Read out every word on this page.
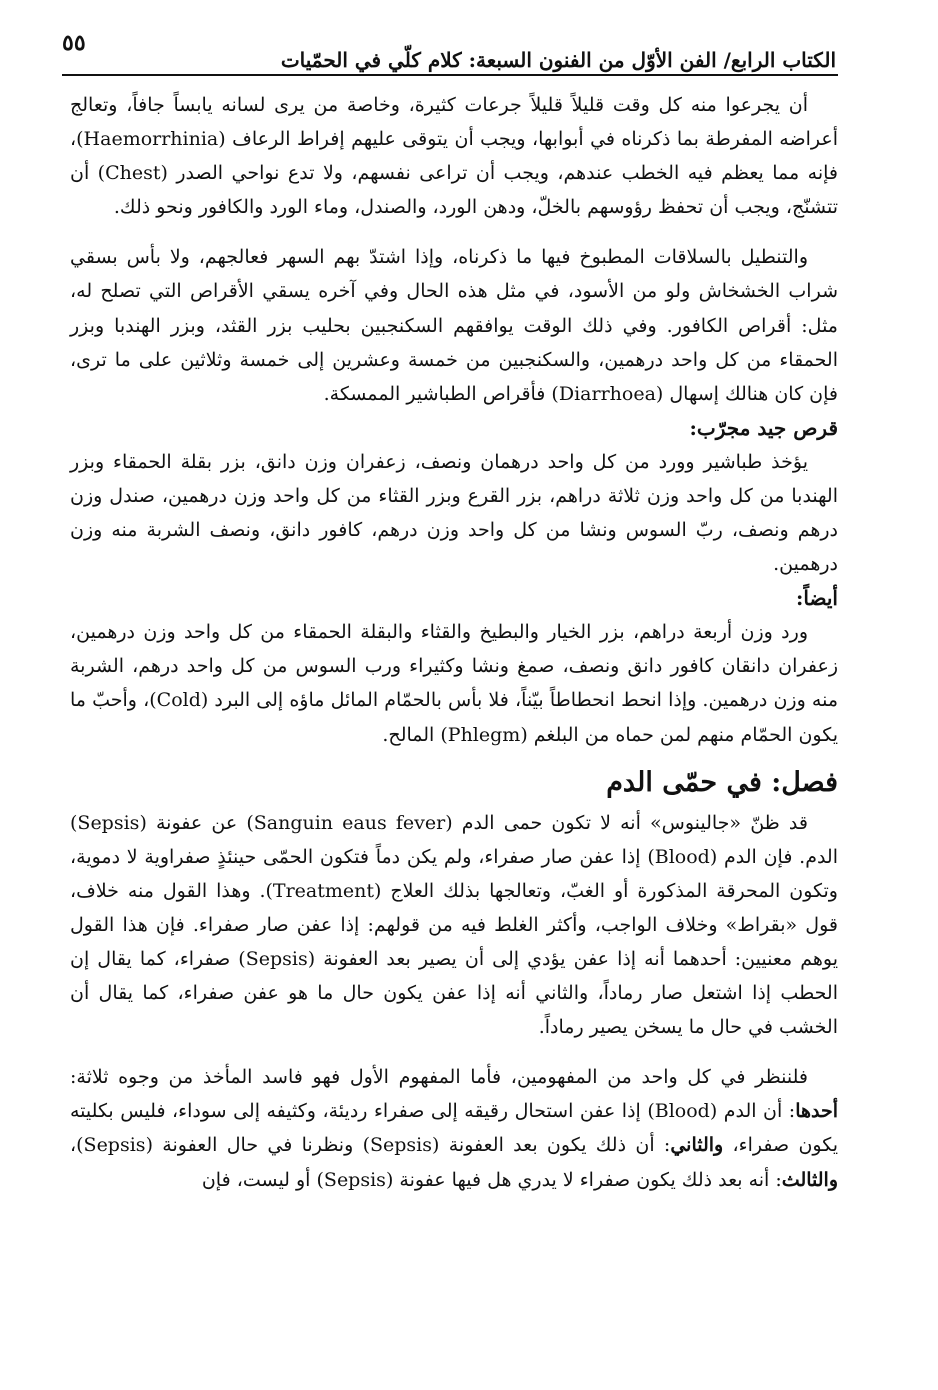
الكتاب الرابع/ الفن الأوّل من الفنون السبعة: كلام كلّي في الحمّيات
٥٥

أن يجرعوا منه كل وقت قليلاً قليلاً جرعات كثيرة، وخاصة من يرى لسانه يابساً جافاً، وتعالج أعراضه المفرطة بما ذكرناه في أبوابها، ويجب أن يتوقى عليهم إفراط الرعاف (Haemorrhinia)، فإنه مما يعظم فيه الخطب عندهم، ويجب أن تراعى نفسهم، ولا تدع نواحي الصدر (Chest) أن تتشنّج، ويجب أن تحفظ رؤوسهم بالخلّ، ودهن الورد، والصندل، وماء الورد والكافور ونحو ذلك.

والتنطيل بالسلاقات المطبوخ فيها ما ذكرناه، وإذا اشتدّ بهم السهر فعالجهم، ولا بأس بسقي شراب الخشخاش ولو من الأسود، في مثل هذه الحال وفي آخره يسقي الأقراص التي تصلح له، مثل: أقراص الكافور. وفي ذلك الوقت يوافقهم السكنجبين بحليب بزر القثد، وبزر الهندبا وبزر الحمقاء من كل واحد درهمين، والسكنجبين من خمسة وعشرين إلى خمسة وثلاثين على ما ترى، فإن كان هنالك إسهال (Diarrhoea) فأقراص الطباشير الممسكة.

قرص جيد مجرّب:

يؤخذ طباشير وورد من كل واحد درهمان ونصف، زعفران وزن دانق، بزر بقلة الحمقاء وبزر الهندبا من كل واحد وزن ثلاثة دراهم، بزر القرع وبزر القثاء من كل واحد وزن درهمين، صندل وزن درهم ونصف، ربّ السوس ونشا من كل واحد وزن درهم، كافور دانق، ونصف الشربة منه وزن درهمين.

أيضاً:

ورد وزن أربعة دراهم، بزر الخيار والبطيخ والقثاء والبقلة الحمقاء من كل واحد وزن درهمين، زعفران دانقان كافور دانق ونصف، صمغ ونشا وكثيراء ورب السوس من كل واحد درهم، الشربة منه وزن درهمين. وإذا انحط انحطاطاً بيّناً، فلا بأس بالحمّام المائل ماؤه إلى البرد (Cold)، وأحبّ ما يكون الحمّام منهم لمن حماه من البلغم (Phlegm) المالح.

فصل: في حمّى الدم

قد ظنّ «جالينوس» أنه لا تكون حمى الدم (Sanguin eaus fever) عن عفونة (Sepsis) الدم. فإن الدم (Blood) إذا عفن صار صفراء، ولم يكن دماً فتكون الحمّى حينئذٍ صفراوية لا دموية، وتكون المحرقة المذكورة أو الغبّ، وتعالجها بذلك العلاج (Treatment). وهذا القول منه خلاف، قول «بقراط» وخلاف الواجب، وأكثر الغلط فيه من قولهم: إذا عفن صار صفراء. فإن هذا القول يوهم معنيين: أحدهما أنه إذا عفن يؤدي إلى أن يصير بعد العفونة (Sepsis) صفراء، كما يقال إن الحطب إذا اشتعل صار رماداً، والثاني أنه إذا عفن يكون حال ما هو عفن صفراء، كما يقال أن الخشب في حال ما يسخن يصير رماداً.

فلننظر في كل واحد من المفهومين، فأما المفهوم الأول فهو فاسد المأخذ من وجوه ثلاثة: أحدها: أن الدم (Blood) إذا عفن استحال رقيقه إلى صفراء رديئة، وكثيفه إلى سوداء، فليس بكليته يكون صفراء، والثاني: أن ذلك يكون بعد العفونة (Sepsis) ونظرنا في حال العفونة (Sepsis)، والثالث: أنه بعد ذلك يكون صفراء لا يدري هل فيها عفونة (Sepsis) أو ليست، فإن
